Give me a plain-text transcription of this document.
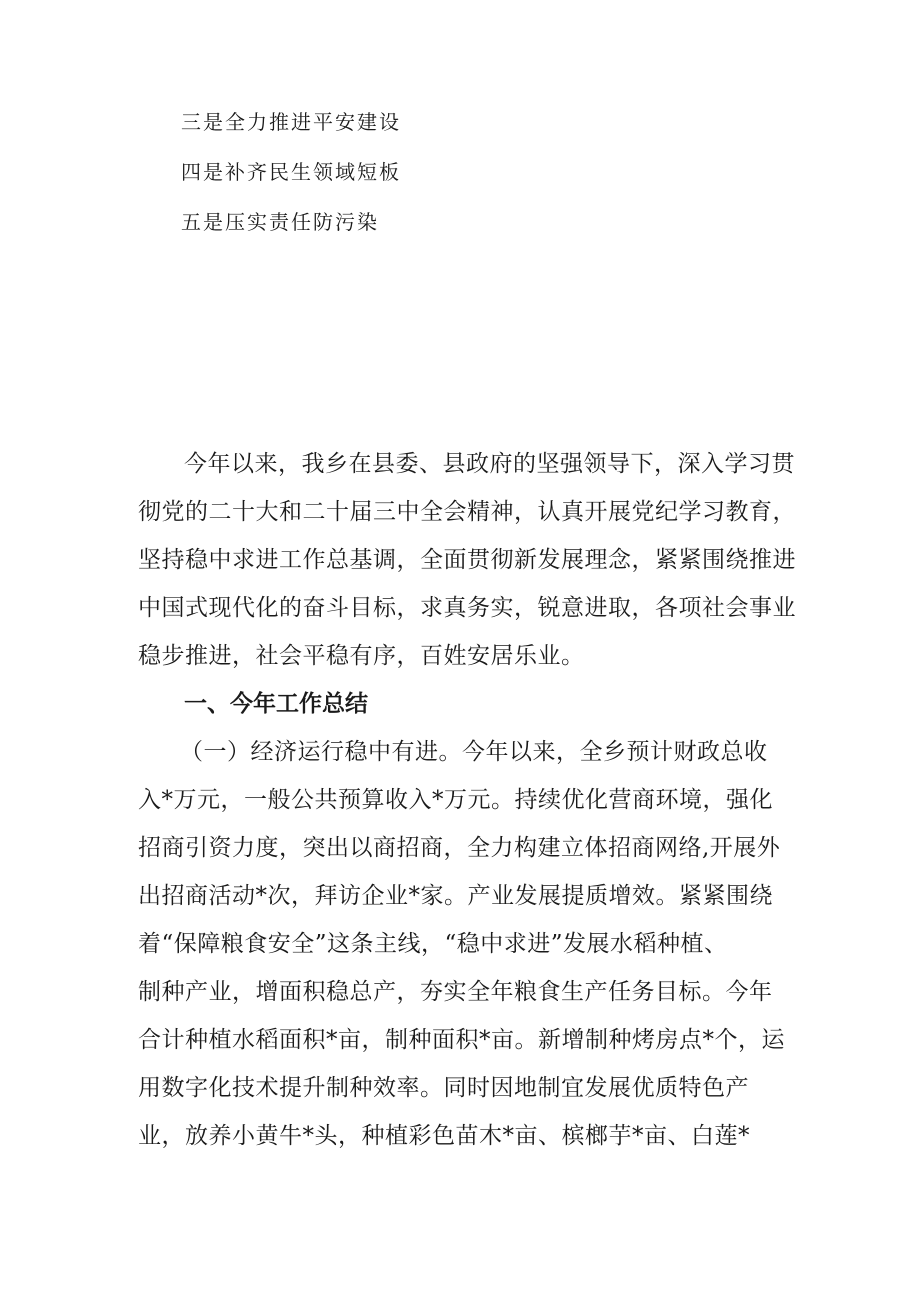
三是全力推进平安建设
四是补齐民生领域短板
五是压实责任防污染
今年以来，我乡在县委、县政府的坚强领导下，深入学习贯
彻党的二十大和二十届三中全会精神，认真开展党纪学习教育，
坚持稳中求进工作总基调，全面贯彻新发展理念，紧紧围绕推进
中国式现代化的奋斗目标，求真务实，锐意进取，各项社会事业
稳步推进，社会平稳有序，百姓安居乐业。
一、今年工作总结
（一）经济运行稳中有进。今年以来，全乡预计财政总收
入*万元，一般公共预算收入*万元。持续优化营商环境，强化
招商引资力度，突出以商招商，全力构建立体招商网络,开展外
出招商活动*次，拜访企业*家。产业发展提质增效。紧紧围绕
着“保障粮食安全”这条主线，“稳中求进”发展水稻种植、
制种产业，增面积稳总产，夯实全年粮食生产任务目标。今年
合计种植水稻面积*亩，制种面积*亩。新增制种烤房点*个，运
用数字化技术提升制种效率。同时因地制宜发展优质特色产
业，放养小黄牛*头，种植彩色苗木*亩、槟榔芋*亩、白莲*
